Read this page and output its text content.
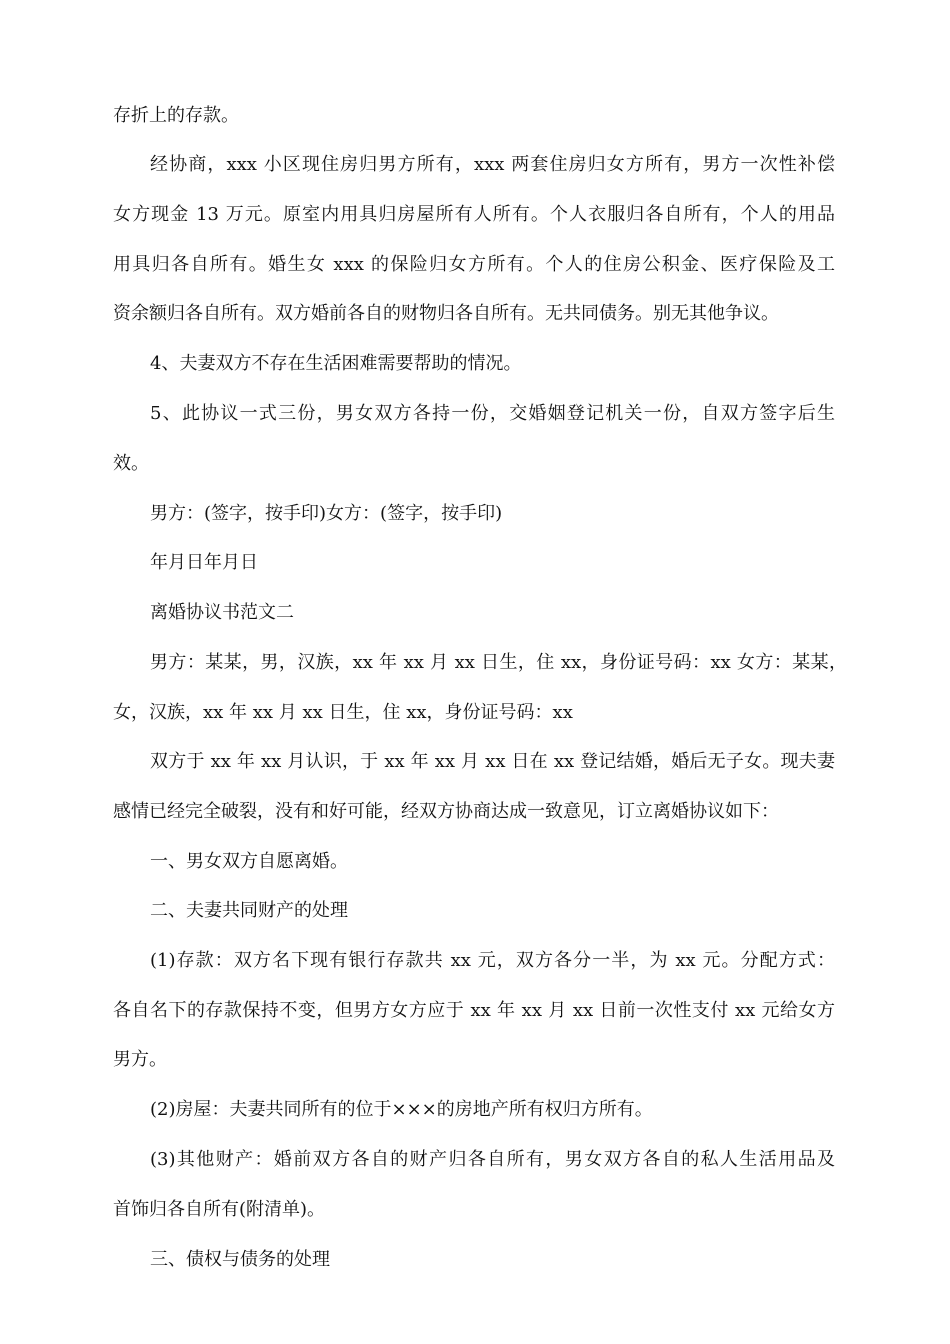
存折上的存款。
经协商，xxx 小区现住房归男方所有，xxx 两套住房归女方所有，男方一次性补偿
女方现金 13 万元。原室内用具归房屋所有人所有。个人衣服归各自所有，个人的用品
用具归各自所有。婚生女 xxx 的保险归女方所有。个人的住房公积金、医疗保险及工
资余额归各自所有。双方婚前各自的财物归各自所有。无共同债务。别无其他争议。
4、夫妻双方不存在生活困难需要帮助的情况。
5、此协议一式三份，男女双方各持一份，交婚姻登记机关一份，自双方签字后生
效。
男方：(签字，按手印)女方：(签字，按手印)
年月日年月日
离婚协议书范文二
男方：某某，男，汉族，xx 年 xx 月 xx 日生，住 xx，身份证号码：xx 女方：某某，
女，汉族，xx 年 xx 月 xx 日生，住 xx，身份证号码：xx
双方于 xx 年 xx 月认识，于 xx 年 xx 月 xx 日在 xx 登记结婚，婚后无子女。现夫妻
感情已经完全破裂，没有和好可能，经双方协商达成一致意见，订立离婚协议如下：
一、男女双方自愿离婚。
二、夫妻共同财产的处理
(1)存款：双方名下现有银行存款共 xx 元，双方各分一半，为 xx 元。分配方式：
各自名下的存款保持不变，但男方女方应于 xx 年 xx 月 xx 日前一次性支付 xx 元给女方
男方。
(2)房屋：夫妻共同所有的位于×××的房地产所有权归方所有。
(3)其他财产：婚前双方各自的财产归各自所有，男女双方各自的私人生活用品及
首饰归各自所有(附清单)。
三、债权与债务的处理
